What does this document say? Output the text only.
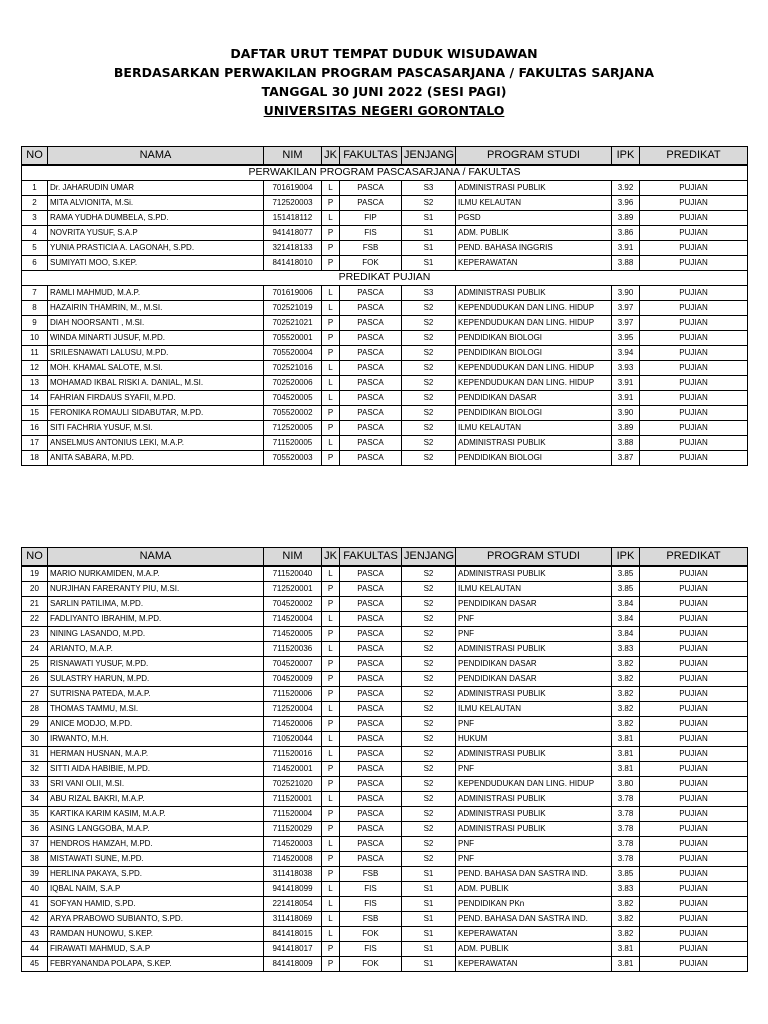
DAFTAR URUT TEMPAT DUDUK WISUDAWAN
BERDASARKAN PERWAKILAN PROGRAM PASCASARJANA / FAKULTAS SARJANA
TANGGAL 30 JUNI 2022 (SESI PAGI)
UNIVERSITAS NEGERI GORONTALO
NO	NAMA	NIM	JK	FAKULTAS	JENJANG	PROGRAM STUDI	IPK	PREDIKAT
PERWAKILAN PROGRAM PASCASARJANA / FAKULTAS								
1	Dr. JAHARUDIN UMAR	701619004	L	PASCA	S3	ADMINISTRASI PUBLIK	3.92	PUJIAN
2	MITA ALVIONITA, M.Si.	712520003	P	PASCA	S2	ILMU KELAUTAN	3.96	PUJIAN
3	RAMA YUDHA DUMBELA, S.PD.	151418112	L	FIP	S1	PGSD	3.89	PUJIAN
4	NOVRITA YUSUF, S.A.P	941418077	P	FIS	S1	ADM. PUBLIK	3.86	PUJIAN
5	YUNIA PRASTICIA A. LAGONAH, S.PD.	321418133	P	FSB	S1	PEND. BAHASA INGGRIS	3.91	PUJIAN
6	SUMIYATI MOO, S.KEP.	841418010	P	FOK	S1	KEPERAWATAN	3.88	PUJIAN
PREDIKAT PUJIAN								
7	RAMLI MAHMUD, M.A.P.	701619006	L	PASCA	S3	ADMINISTRASI PUBLIK	3.90	PUJIAN
8	HAZAIRIN THAMRIN, M., M.SI.	702521019	L	PASCA	S2	KEPENDUDUKAN DAN LING. HIDUP	3.97	PUJIAN
9	DIAH NOORSANTI , M.SI.	702521021	P	PASCA	S2	KEPENDUDUKAN DAN LING. HIDUP	3.97	PUJIAN
10	WINDA MINARTI JUSUF, M.PD.	705520001	P	PASCA	S2	PENDIDIKAN BIOLOGI	3.95	PUJIAN
11	SRILESNAWATI LALUSU, M.PD.	705520004	P	PASCA	S2	PENDIDIKAN BIOLOGI	3.94	PUJIAN
12	MOH. KHAMAL SALOTE, M.SI.	702521016	L	PASCA	S2	KEPENDUDUKAN DAN LING. HIDUP	3.93	PUJIAN
13	MOHAMAD IKBAL RISKI A. DANIAL, M.SI.	702520006	L	PASCA	S2	KEPENDUDUKAN DAN LING. HIDUP	3.91	PUJIAN
14	FAHRIAN FIRDAUS SYAFII, M.PD.	704520005	L	PASCA	S2	PENDIDIKAN DASAR	3.91	PUJIAN
15	FERONIKA ROMAULI SIDABUTAR, M.PD.	705520002	P	PASCA	S2	PENDIDIKAN BIOLOGI	3.90	PUJIAN
16	SITI FACHRIA YUSUF, M.SI.	712520005	P	PASCA	S2	ILMU KELAUTAN	3.89	PUJIAN
17	ANSELMUS ANTONIUS LEKI, M.A.P.	711520005	L	PASCA	S2	ADMINISTRASI PUBLIK	3.88	PUJIAN
18	ANITA SABARA, M.PD.	705520003	P	PASCA	S2	PENDIDIKAN BIOLOGI	3.87	PUJIAN
NO	NAMA	NIM	JK	FAKULTAS	JENJANG	PROGRAM STUDI	IPK	PREDIKAT
19	MARIO NURKAMIDEN, M.A.P.	711520040	L	PASCA	S2	ADMINISTRASI PUBLIK	3.85	PUJIAN
20	NURJIHAN FARERANTY PIU, M.SI.	712520001	P	PASCA	S2	ILMU KELAUTAN	3.85	PUJIAN
21	SARLIN PATILIMA, M.PD.	704520002	P	PASCA	S2	PENDIDIKAN DASAR	3.84	PUJIAN
22	FADLIYANTO IBRAHIM, M.PD.	714520004	L	PASCA	S2	PNF	3.84	PUJIAN
23	NINING LASANDO, M.PD.	714520005	P	PASCA	S2	PNF	3.84	PUJIAN
24	ARIANTO, M.A.P.	711520036	L	PASCA	S2	ADMINISTRASI PUBLIK	3.83	PUJIAN
25	RISNAWATI YUSUF, M.PD.	704520007	P	PASCA	S2	PENDIDIKAN DASAR	3.82	PUJIAN
26	SULASTRY HARUN, M.PD.	704520009	P	PASCA	S2	PENDIDIKAN DASAR	3.82	PUJIAN
27	SUTRISNA PATEDA, M.A.P.	711520006	P	PASCA	S2	ADMINISTRASI PUBLIK	3.82	PUJIAN
28	THOMAS TAMMU, M.SI.	712520004	L	PASCA	S2	ILMU KELAUTAN	3.82	PUJIAN
29	ANICE MODJO, M.PD.	714520006	P	PASCA	S2	PNF	3.82	PUJIAN
30	IRWANTO, M.H.	710520044	L	PASCA	S2	HUKUM	3.81	PUJIAN
31	HERMAN HUSNAN, M.A.P.	711520016	L	PASCA	S2	ADMINISTRASI PUBLIK	3.81	PUJIAN
32	SITTI AIDA HABIBIE, M.PD.	714520001	P	PASCA	S2	PNF	3.81	PUJIAN
33	SRI VANI OLII, M.SI.	702521020	P	PASCA	S2	KEPENDUDUKAN DAN LING. HIDUP	3.80	PUJIAN
34	ABU RIZAL BAKRI, M.A.P.	711520001	L	PASCA	S2	ADMINISTRASI PUBLIK	3.78	PUJIAN
35	KARTIKA KARIM KASIM, M.A.P.	711520004	P	PASCA	S2	ADMINISTRASI PUBLIK	3.78	PUJIAN
36	ASING LANGGOBA, M.A.P.	711520029	P	PASCA	S2	ADMINISTRASI PUBLIK	3.78	PUJIAN
37	HENDROS HAMZAH, M.PD.	714520003	L	PASCA	S2	PNF	3.78	PUJIAN
38	MISTAWATI SUNE, M.PD.	714520008	P	PASCA	S2	PNF	3.78	PUJIAN
39	HERLINA PAKAYA, S.PD.	311418038	P	FSB	S1	PEND. BAHASA DAN SASTRA IND.	3.85	PUJIAN
40	IQBAL NAIM, S.A.P	941418099	L	FIS	S1	ADM. PUBLIK	3.83	PUJIAN
41	SOFYAN HAMID, S.PD.	221418054	L	FIS	S1	PENDIDIKAN PKn	3.82	PUJIAN
42	ARYA PRABOWO SUBIANTO, S.PD.	311418069	L	FSB	S1	PEND. BAHASA DAN SASTRA IND.	3.82	PUJIAN
43	RAMDAN HUNOWU, S.KEP.	841418015	L	FOK	S1	KEPERAWATAN	3.82	PUJIAN
44	FIRAWATI MAHMUD, S.A.P	941418017	P	FIS	S1	ADM. PUBLIK	3.81	PUJIAN
45	FEBRYANANDA POLAPA, S.KEP.	841418009	P	FOK	S1	KEPERAWATAN	3.81	PUJIAN
